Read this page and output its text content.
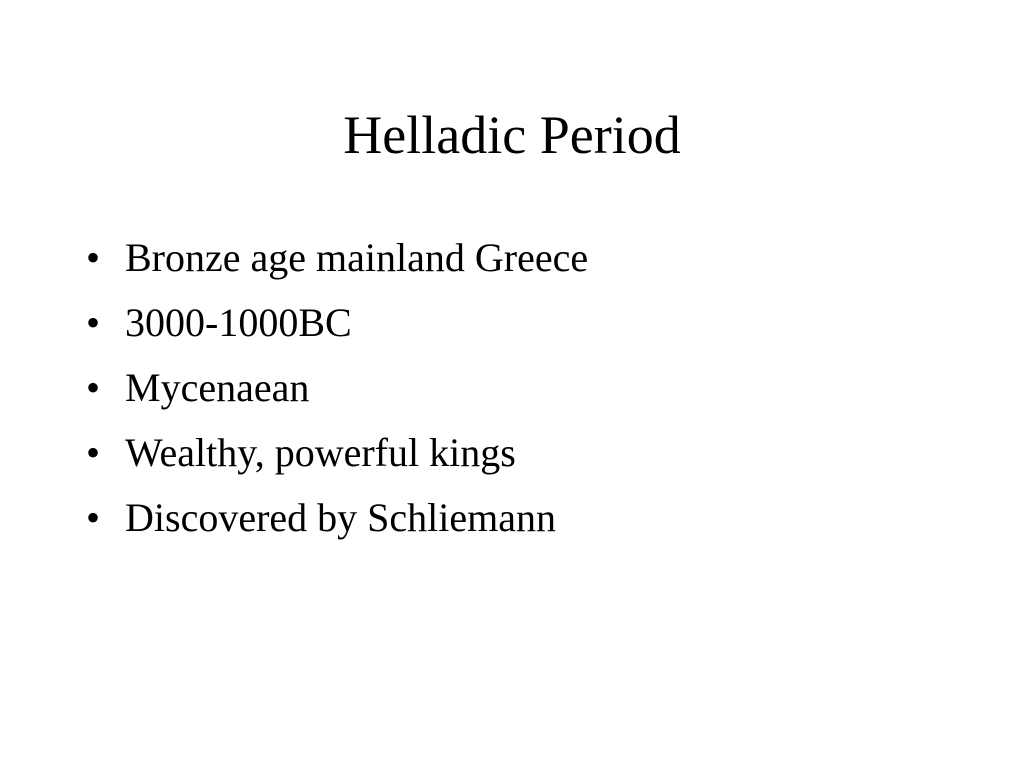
Helladic Period
• Bronze age mainland Greece
• 3000-1000BC
• Mycenaean
• Wealthy, powerful kings
• Discovered by Schliemann
